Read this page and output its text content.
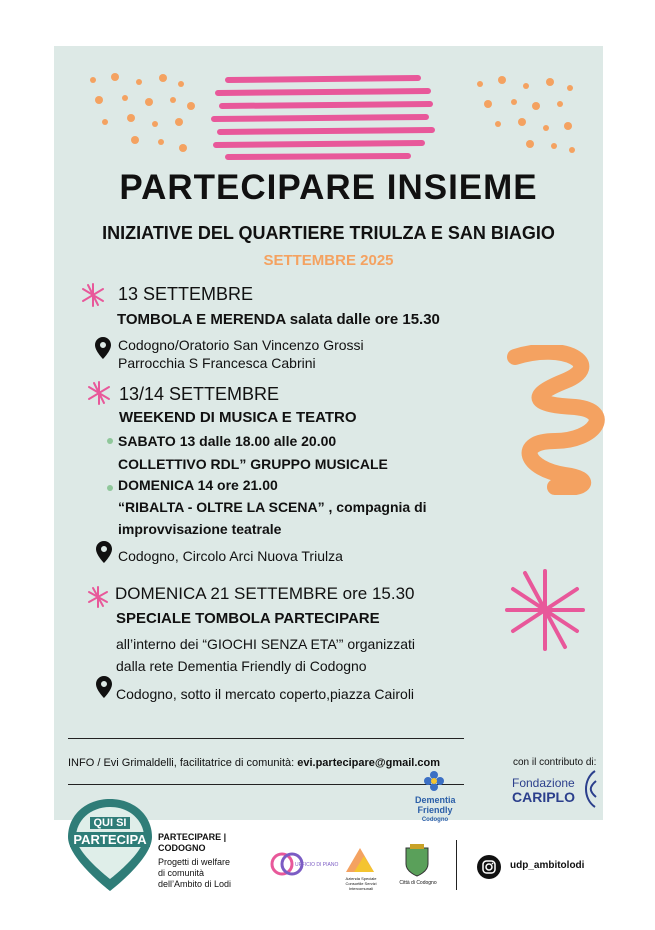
PARTECIPARE INSIEME
INIZIATIVE DEL QUARTIERE TRIULZA E SAN BIAGIO
SETTEMBRE 2025
13 SETTEMBRE
TOMBOLA E MERENDA salata dalle ore 15.30
Codogno/Oratorio San Vincenzo Grossi
Parrocchia S Francesca Cabrini
13/14 SETTEMBRE
WEEKEND DI MUSICA E TEATRO
SABATO 13 dalle 18.00 alle 20.00
COLLETTIVO RDL” GRUPPO MUSICALE
DOMENICA 14 ore 21.00
“RIBALTA - OLTRE LA SCENA” , compagnia di
improvvisazione teatrale
Codogno, Circolo Arci Nuova Triulza
DOMENICA 21 SETTEMBRE ore 15.30
SPECIALE TOMBOLA PARTECIPARE
all’interno dei “GIOCHI SENZA ETA’” organizzati
dalla rete Dementia Friendly di Codogno
Codogno, sotto il mercato coperto,piazza Cairoli
INFO / Evi Grimaldelli, facilitatrice di comunità: evi.partecipare@gmail.com	con il contributo di:
Fondazione
CARIPLO
Dementia
Friendly
Codogno
QUI SI
PARTECIPA	PARTECIPARE |
CODOGNO
Progetti di welfare
di comunità
dell’Ambito di Lodi
UFFICIO DI PIANO
Azienda Speciale Consortile Servizi Intercomunali
Città di Codogno
udp_ambitolodi
